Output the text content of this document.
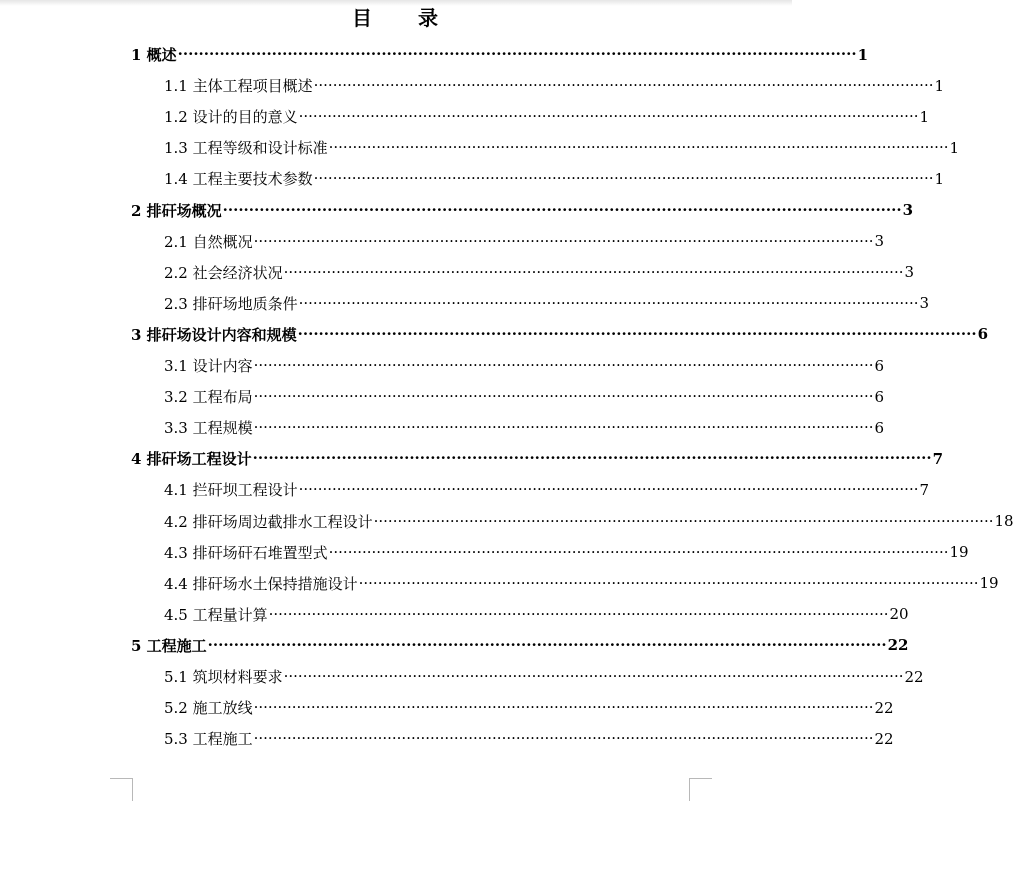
目 录
1 概述 ·································································································································· 1
1.1 主体工程项目概述 ·································································································································· 1
1.2 设计的目的意义 ·································································································································· 1
1.3 工程等级和设计标准 ·································································································································· 1
1.4 工程主要技术参数 ·································································································································· 1
2 排矸场概况 ·································································································································· 3
2.1 自然概况 ·································································································································· 3
2.2 社会经济状况 ·································································································································· 3
2.3 排矸场地质条件 ·································································································································· 3
3 排矸场设计内容和规模 ·································································································································· 6
3.1 设计内容 ·································································································································· 6
3.2 工程布局 ·································································································································· 6
3.3 工程规模 ·································································································································· 6
4 排矸场工程设计 ·································································································································· 7
4.1 拦矸坝工程设计 ·································································································································· 7
4.2 排矸场周边截排水工程设计 ·································································································································· 18
4.3 排矸场矸石堆置型式 ·································································································································· 19
4.4 排矸场水土保持措施设计 ·································································································································· 19
4.5 工程量计算 ·································································································································· 20
5 工程施工 ·································································································································· 22
5.1 筑坝材料要求 ·································································································································· 22
5.2 施工放线 ·································································································································· 22
5.3 工程施工 ·································································································································· 22
